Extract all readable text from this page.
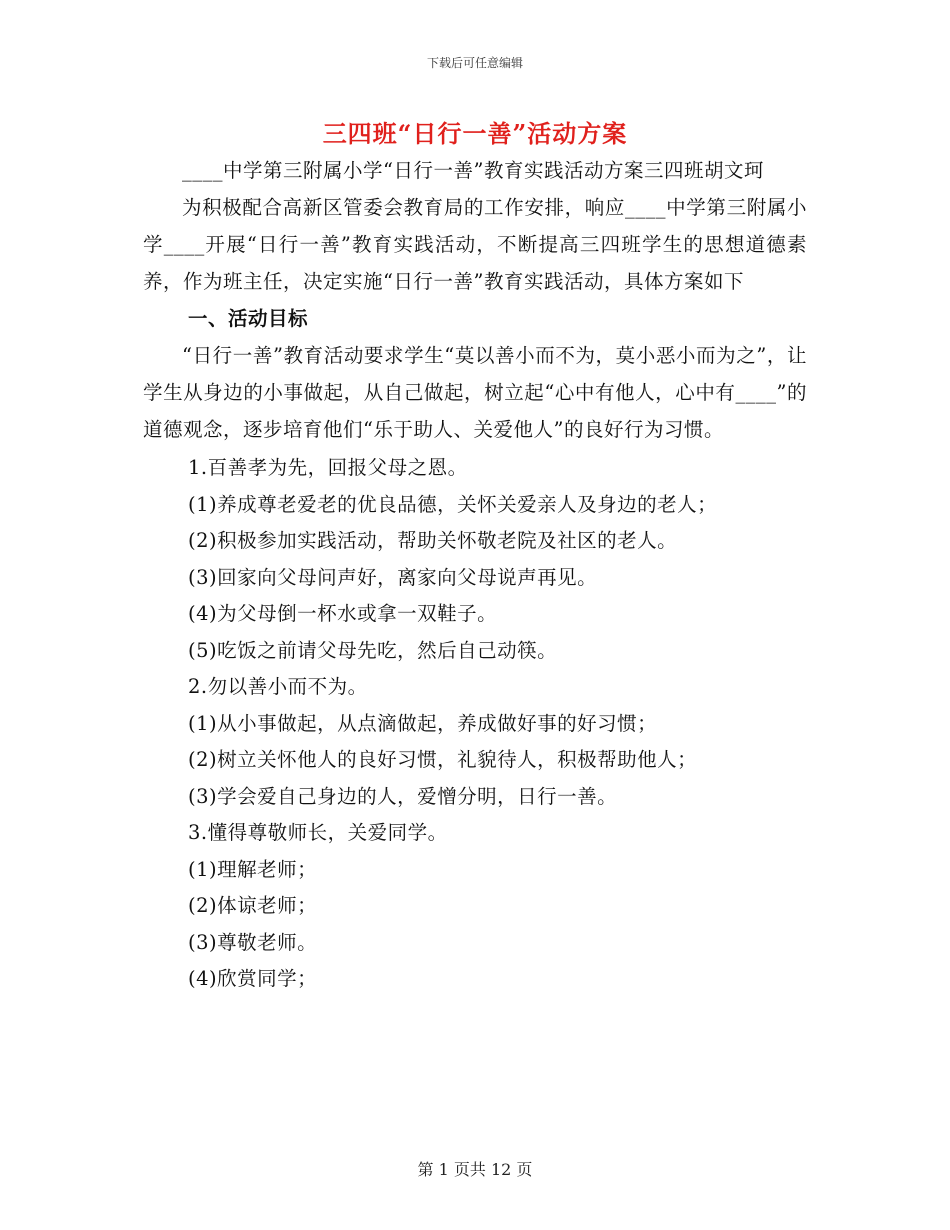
下载后可任意编辑
三四班“日行一善”活动方案

____中学第三附属小学“日行一善”教育实践活动方案三四班胡文珂

为积极配合高新区管委会教育局的工作安排，响应____中学第三附属小学____开展“日行一善”教育实践活动，不断提高三四班学生的思想道德素养，作为班主任，决定实施“日行一善”教育实践活动，具体方案如下

一、活动目标

“日行一善”教育活动要求学生“莫以善小而不为，莫小恶小而为之”，让学生从身边的小事做起，从自己做起，树立起“心中有他人，心中有____”的道德观念，逐步培育他们“乐于助人、关爱他人”的良好行为习惯。

1.百善孝为先，回报父母之恩。

(1)养成尊老爱老的优良品德，关怀关爱亲人及身边的老人；

(2)积极参加实践活动，帮助关怀敬老院及社区的老人。

(3)回家向父母问声好，离家向父母说声再见。

(4)为父母倒一杯水或拿一双鞋子。

(5)吃饭之前请父母先吃，然后自己动筷。

2.勿以善小而不为。

(1)从小事做起，从点滴做起，养成做好事的好习惯；

(2)树立关怀他人的良好习惯，礼貌待人，积极帮助他人；

(3)学会爱自己身边的人，爱憎分明，日行一善。

3.懂得尊敬师长，关爱同学。

(1)理解老师；

(2)体谅老师；

(3)尊敬老师。

(4)欣赏同学；

第 1 页共 12 页
